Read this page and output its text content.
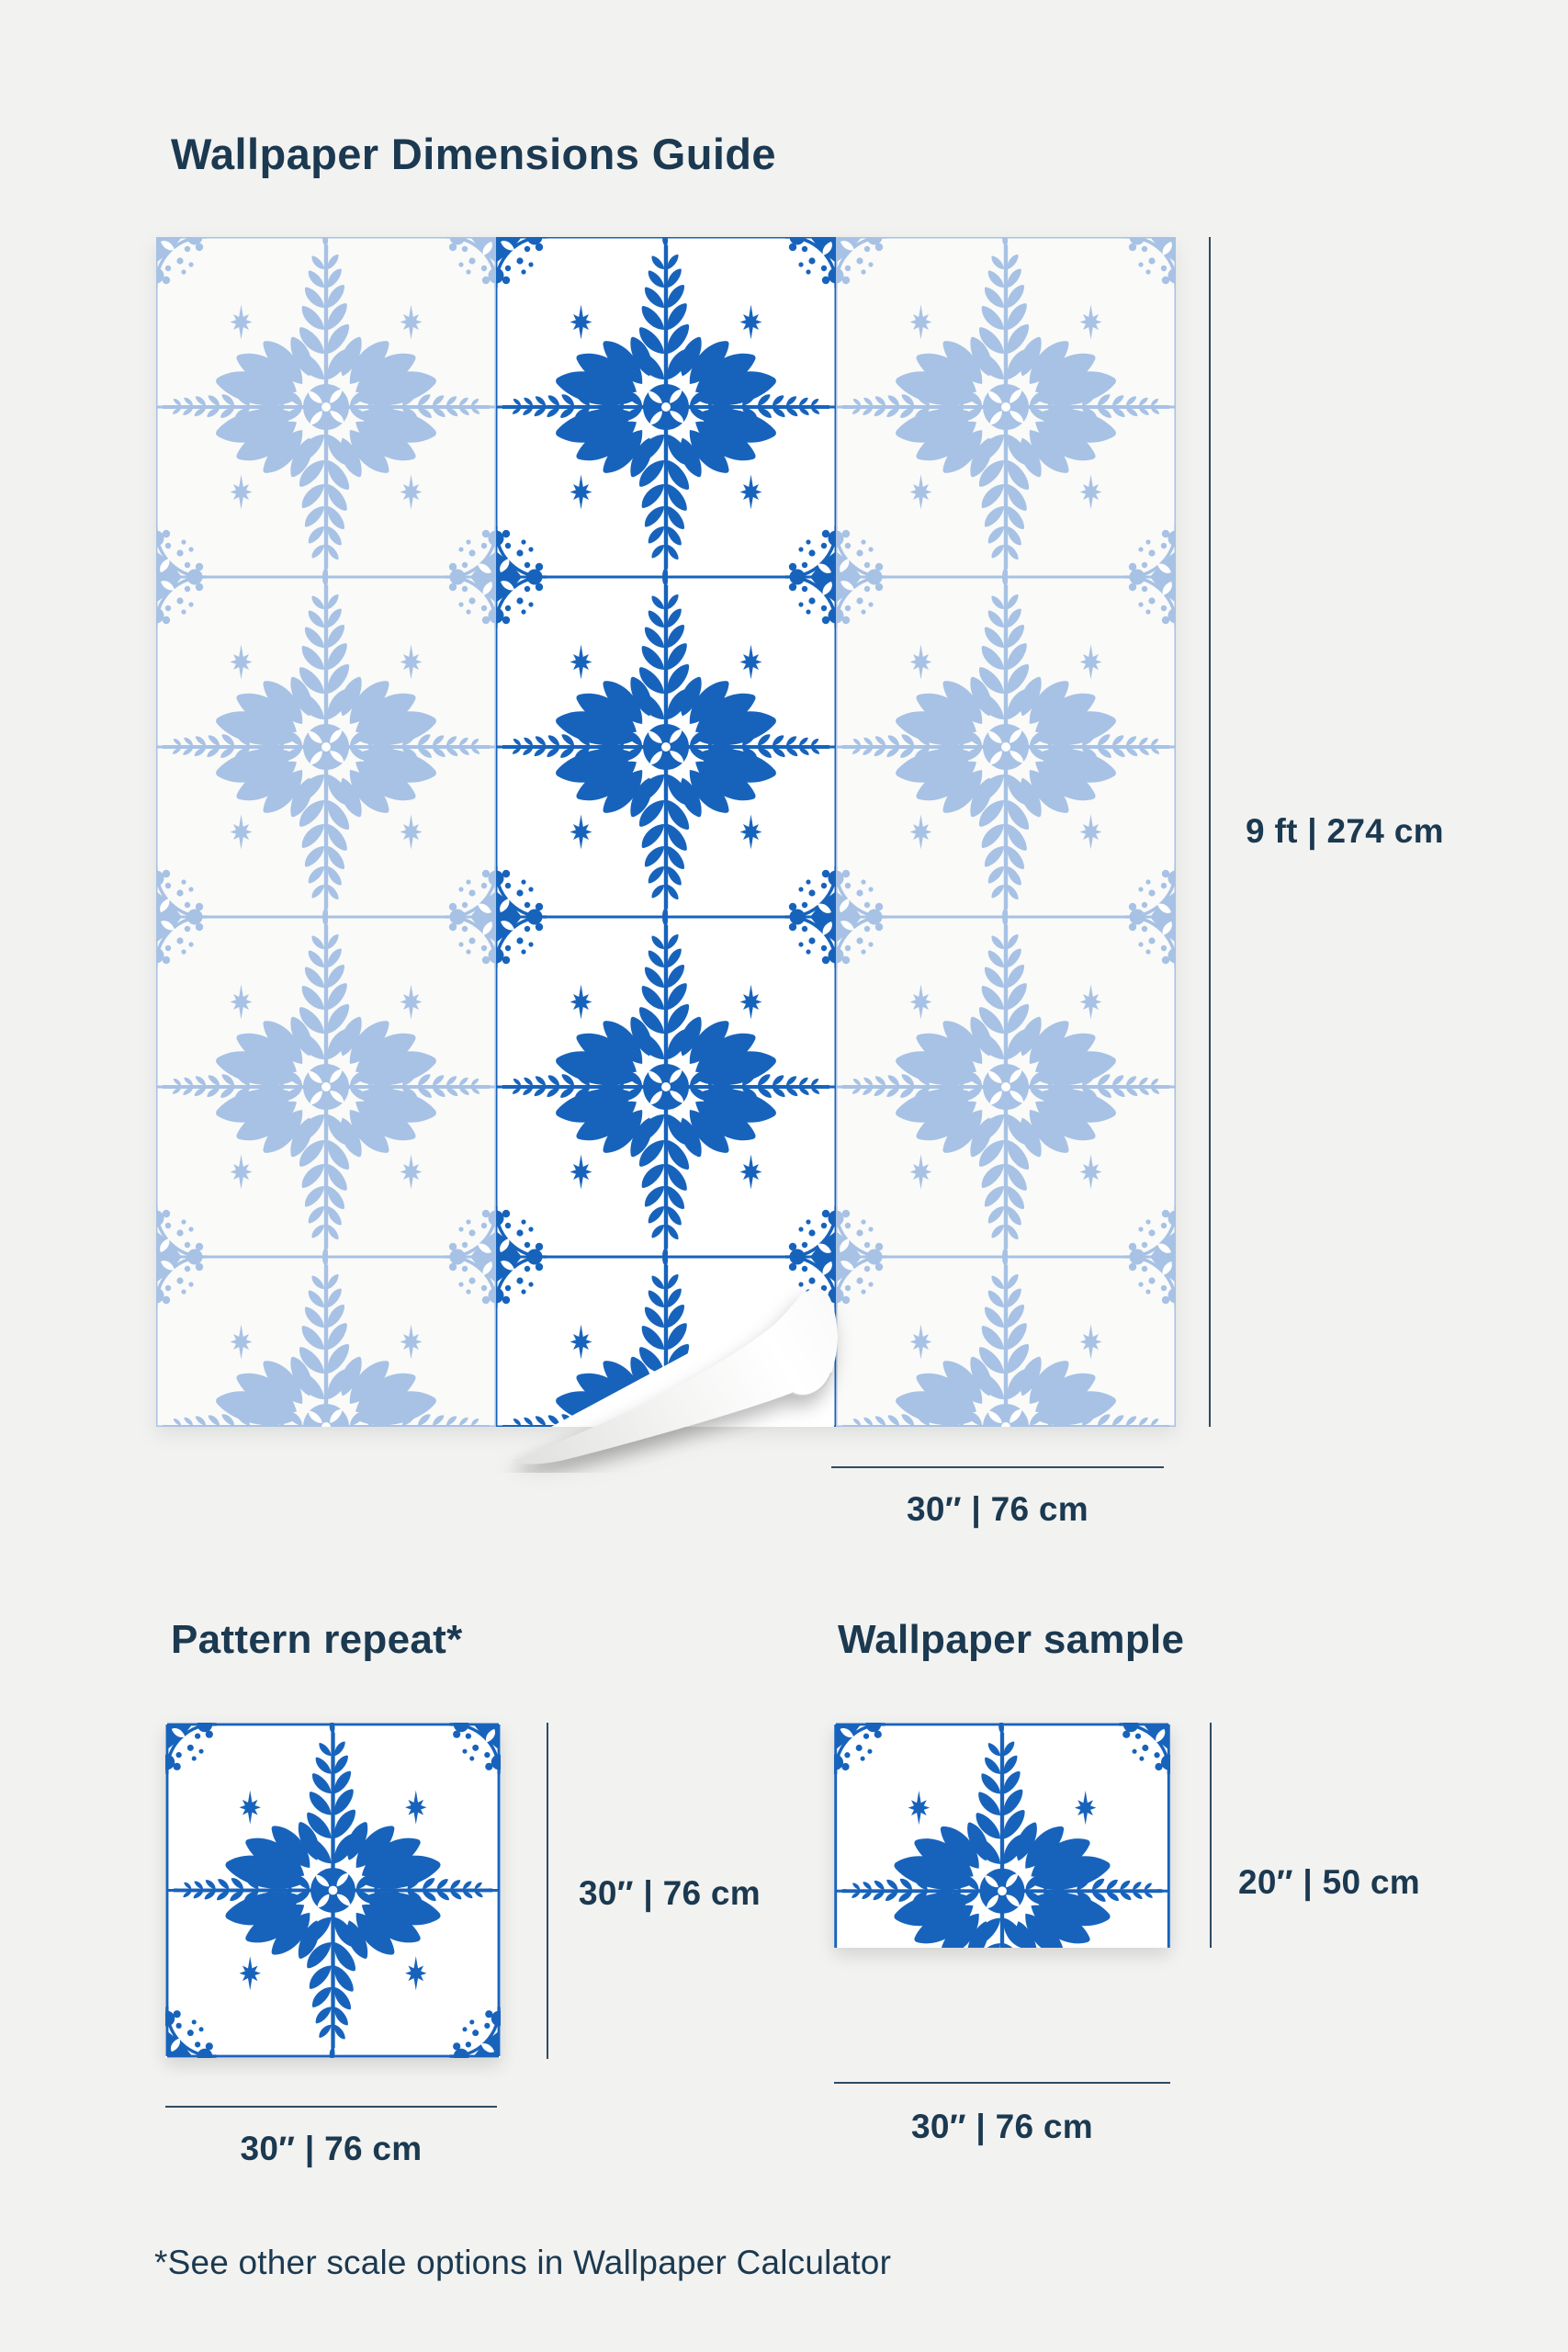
Wallpaper Dimensions Guide
9 ft | 274 cm
30″ | 76 cm
Pattern repeat*	Wallpaper sample
30″ | 76 cm
30″ | 76 cm
20″ | 50 cm
30″ | 76 cm
*See other scale options in Wallpaper Calculator
